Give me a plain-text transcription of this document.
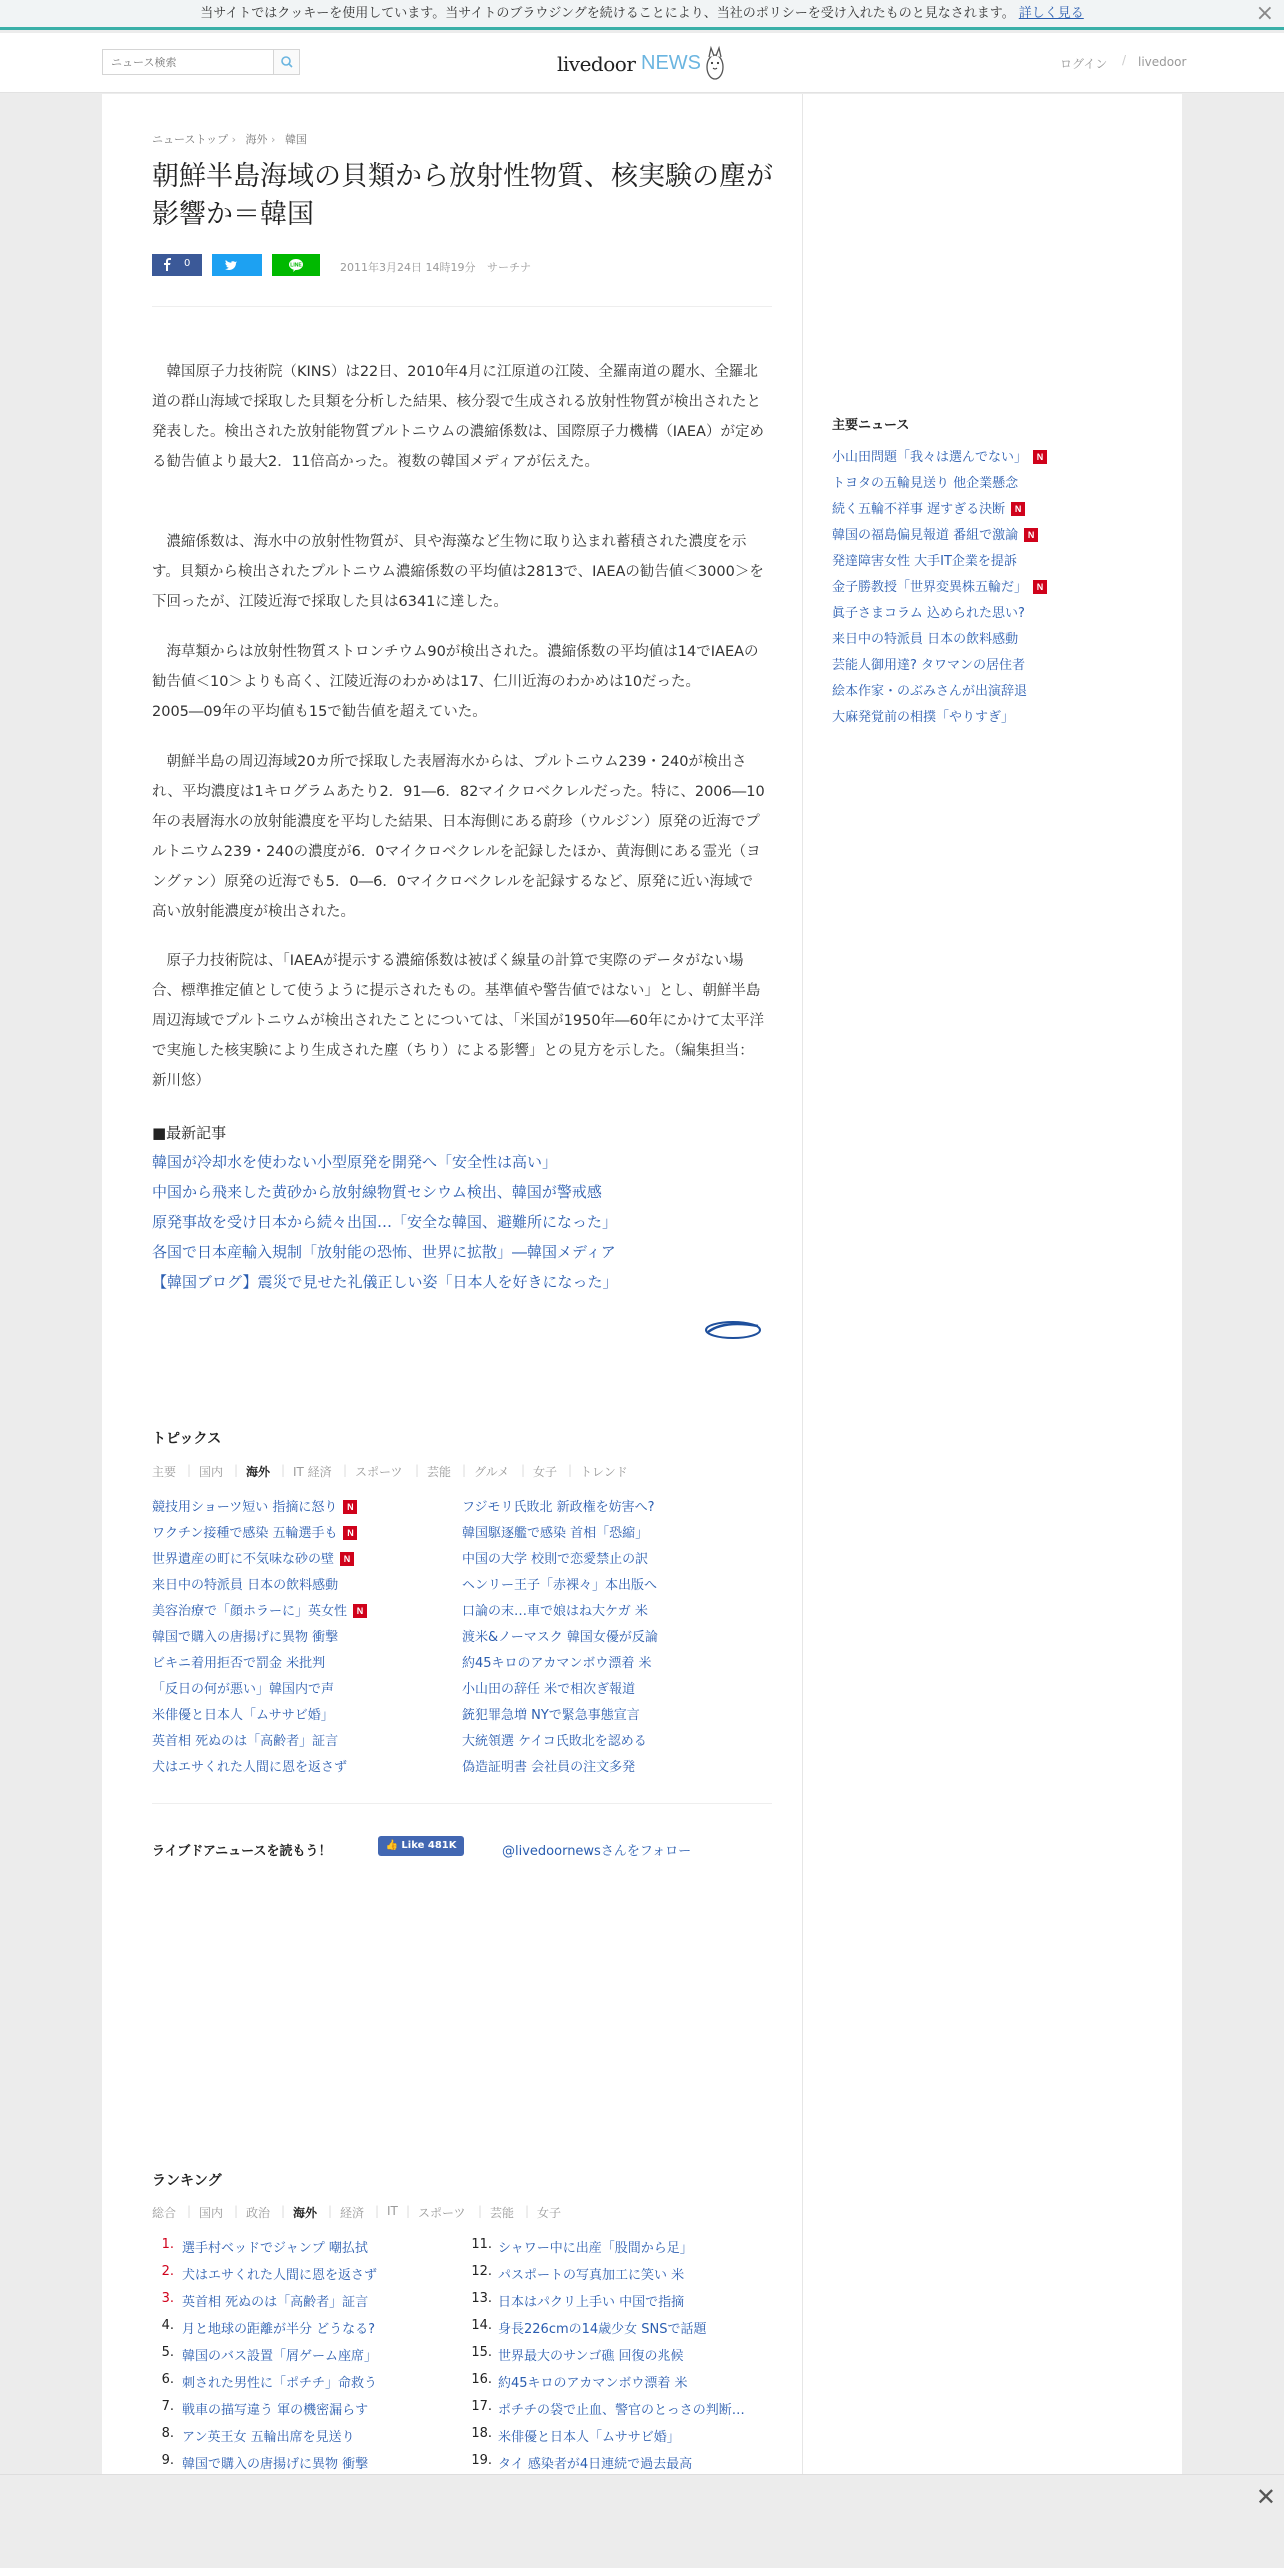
当サイトではクッキーを使用しています。当サイトのブラウジングを続けることにより、当社のポリシーを受け入れたものと見なされます。 詳しく見る	×
ニュース検索
livedoor NEWS	ログイン / livedoor
ニューストップ › 海外 › 韓国
朝鮮半島海域の貝類から放射性物質、核実験の塵が影響か＝韓国
0	LINE	2011年3月24日 14時19分 サーチナ

韓国原子力技術院（KINS）は22日、2010年4月に江原道の江陵、全羅南道の麗水、全羅北道の群山海域で採取した貝類を分析した結果、核分裂で生成される放射性物質が検出されたと発表した。検出された放射能物質プルトニウムの濃縮係数は、国際原子力機構（IAEA）が定める勧告値より最大2．11倍高かった。複数の韓国メディアが伝えた。

濃縮係数は、海水中の放射性物質が、貝や海藻など生物に取り込まれ蓄積された濃度を示す。貝類から検出されたプルトニウム濃縮係数の平均値は2813で、IAEAの勧告値＜3000＞を下回ったが、江陵近海で採取した貝は6341に達した。

海草類からは放射性物質ストロンチウム90が検出された。濃縮係数の平均値は14でIAEAの勧告値＜10＞よりも高く、江陵近海のわかめは17、仁川近海のわかめは10だった。2005―09年の平均値も15で勧告値を超えていた。

朝鮮半島の周辺海域20カ所で採取した表層海水からは、プルトニウム239・240が検出され、平均濃度は1キログラムあたり2．91―6．82マイクロベクレルだった。特に、2006―10年の表層海水の放射能濃度を平均した結果、日本海側にある蔚珍（ウルジン）原発の近海でプルトニウム239・240の濃度が6．0マイクロベクレルを記録したほか、黄海側にある霊光（ヨングァン）原発の近海でも5．0―6．0マイクロベクレルを記録するなど、原発に近い海域で高い放射能濃度が検出された。

原子力技術院は、「IAEAが提示する濃縮係数は被ばく線量の計算で実際のデータがない場合、標準推定値として使うように提示されたもの。基準値や警告値ではない」とし、朝鮮半島周辺海域でプルトニウムが検出されたことについては、「米国が1950年―60年にかけて太平洋で実施した核実験により生成された塵（ちり）による影響」との見方を示した。（編集担当：新川悠）

■最新記事
韓国が冷却水を使わない小型原発を開発へ「安全性は高い」
中国から飛来した黄砂から放射線物質セシウム検出、韓国が警戒感
原発事故を受け日本から続々出国…「安全な韓国、避難所になった」
各国で日本産輸入規制「放射能の恐怖、世界に拡散」―韓国メディア
【韓国ブログ】震災で見せた礼儀正しい姿「日本人を好きになった」
トピックス
主要 | 国内 | 海外 | IT 経済 | スポーツ | 芸能 | グルメ | 女子 | トレンド
競技用ショーツ短い 指摘に怒り N
ワクチン接種で感染 五輪選手も N
世界遺産の町に不気味な砂の壁 N
来日中の特派員 日本の飲料感動
美容治療で「顔ホラーに」英女性 N
韓国で購入の唐揚げに異物 衝撃
ビキニ着用拒否で罰金 米批判
「反日の何が悪い」韓国内で声
米俳優と日本人「ムササビ婚」
英首相 死ぬのは「高齢者」証言
犬はエサくれた人間に恩を返さず
フジモリ氏敗北 新政権を妨害へ?
韓国駆逐艦で感染 首相「恐縮」
中国の大学 校則で恋愛禁止の訳
ヘンリー王子「赤裸々」本出版へ
口論の末…車で娘はね大ケガ 米
渡米&ノーマスク 韓国女優が反論
約45キロのアカマンボウ漂着 米
小山田の辞任 米で相次ぎ報道
銃犯罪急増 NYで緊急事態宣言
大統領選 ケイコ氏敗北を認める
偽造証明書 会社員の注文多発
ライブドアニュースを読もう！	👍 Like 481K	@livedoornewsさんをフォロー
ランキング
総合 | 国内 | 政治 | 海外 | 経済 | IT | スポーツ | 芸能 | 女子
1. 選手村ベッドでジャンプ 嘲払拭
2. 犬はエサくれた人間に恩を返さず
3. 英首相 死ぬのは「高齢者」証言
4. 月と地球の距離が半分 どうなる?
5. 韓国のバス設置「屑ゲーム座席」
6. 刺された男性に「ポチチ」命救う
7. 戦車の描写違う 軍の機密漏らす
8. アン英王女 五輪出席を見送り
9. 韓国で購入の唐揚げに異物 衝撃
11. シャワー中に出産「股間から足」
12. パスポートの写真加工に笑い 米
13. 日本はパクリ上手い 中国で指摘
14. 身長226cmの14歳少女 SNSで話題
15. 世界最大のサンゴ礁 回復の兆候
16. 約45キロのアカマンボウ漂着 米
17. ポチチの袋で止血、警官のとっさの判断…
18. 米俳優と日本人「ムササビ婚」
19. タイ 感染者が4日連続で過去最高
主要ニュース
小山田問題「我々は選んでない」 N
トヨタの五輪見送り 他企業懸念
続く五輪不祥事 遅すぎる決断 N
韓国の福島偏見報道 番組で激論 N
発達障害女性 大手IT企業を提訴
金子勝教授「世界変異株五輪だ」 N
眞子さまコラム 込められた思い?
来日中の特派員 日本の飲料感動
芸能人御用達? タワマンの居住者
絵本作家・のぶみさんが出演辞退
大麻発覚前の相撲「やりすぎ」
✕
